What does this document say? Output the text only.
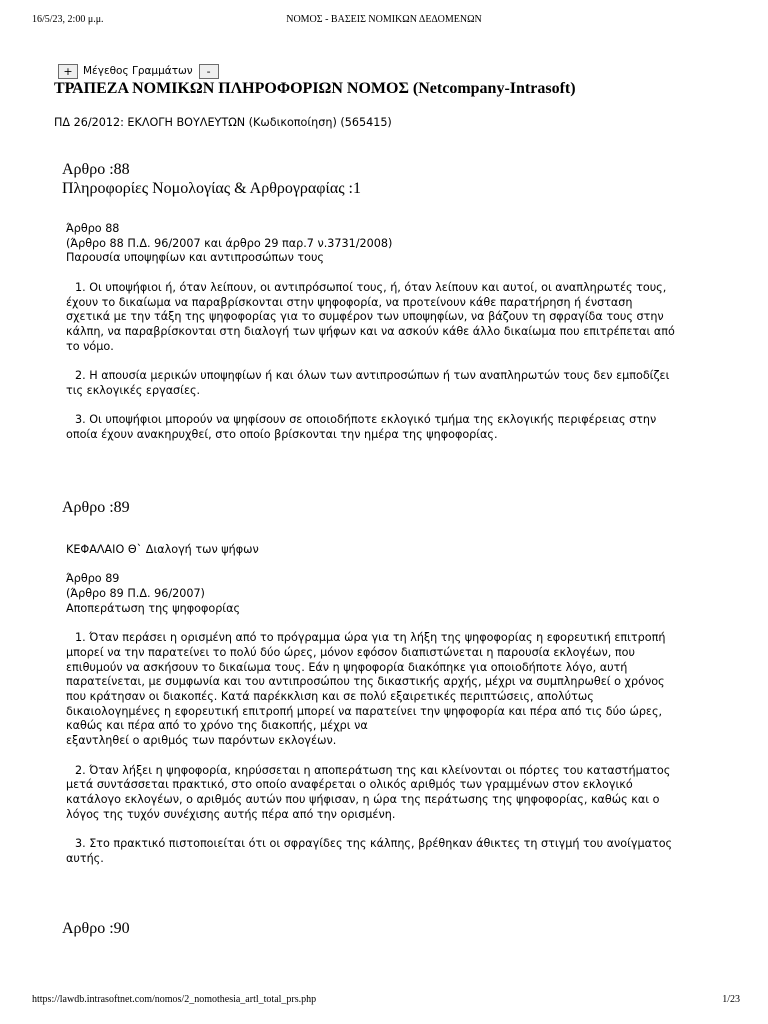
16/5/23, 2:00 μ.μ.	ΝΟΜΟΣ - ΒΑΣΕΙΣ ΝΟΜΙΚΩΝ ΔΕΔΟΜΕΝΩΝ
+ Μέγεθος Γραμμάτων	-
ΤΡΑΠΕΖΑ ΝΟΜΙΚΩΝ ΠΛΗΡΟΦΟΡΙΩΝ ΝΟΜΟΣ (Netcompany-Intrasoft)
ΠΔ 26/2012: ΕΚΛΟΓΗ ΒΟΥΛΕΥΤΩΝ (Κωδικοποίηση) (565415)
Αρθρο :88
Πληροφορίες Νομολογίας & Αρθρογραφίας :1
Άρθρο 88
(Άρθρο 88 Π.Δ. 96/2007 και άρθρο 29 παρ.7 ν.3731/2008)
Παρουσία υποψηφίων και αντιπροσώπων τους
1. Οι υποψήφιοι ή, όταν λείπουν, οι αντιπρόσωποί τους, ή, όταν λείπουν και αυτοί, οι αναπληρωτές τους,
έχουν το δικαίωμα να παραβρίσκονται στην ψηφοφορία, να προτείνουν κάθε παρατήρηση ή ένσταση
σχετικά με την τάξη της ψηφοφορίας για το συμφέρον των υποψηφίων, να βάζουν τη σφραγίδα τους στην
κάλπη, να παραβρίσκονται στη διαλογή των ψήφων και να ασκούν κάθε άλλο δικαίωμα που επιτρέπεται από
το νόμο.
2. Η απουσία μερικών υποψηφίων ή και όλων των αντιπροσώπων ή των αναπληρωτών τους δεν εμποδίζει
τις εκλογικές εργασίες.
3. Οι υποψήφιοι μπορούν να ψηφίσουν σε οποιοδήποτε εκλογικό τμήμα της εκλογικής περιφέρειας στην
οποία έχουν ανακηρυχθεί, στο οποίο βρίσκονται την ημέρα της ψηφοφορίας.
Αρθρο :89
ΚΕΦΑΛΑΙΟ Θ` Διαλογή των ψήφων
Άρθρο 89
(Άρθρο 89 Π.Δ. 96/2007)
Αποπεράτωση της ψηφοφορίας
1. Όταν περάσει η ορισμένη από το πρόγραμμα ώρα για τη λήξη της ψηφοφορίας η εφορευτική επιτροπή
μπορεί να την παρατείνει το πολύ δύο ώρες, μόνον εφόσον διαπιστώνεται η παρουσία εκλογέων, που
επιθυμούν να ασκήσουν το δικαίωμα τους. Εάν η ψηφοφορία διακόπηκε για οποιοδήποτε λόγο, αυτή
παρατείνεται, με συμφωνία και του αντιπροσώπου της δικαστικής αρχής, μέχρι να συμπληρωθεί ο χρόνος
που κράτησαν οι διακοπές. Κατά παρέκκλιση και σε πολύ εξαιρετικές περιπτώσεις, απολύτως
δικαιολογημένες η εφορευτική επιτροπή μπορεί να παρατείνει την ψηφοφορία και πέρα από τις δύο ώρες,
καθώς και πέρα από το χρόνο της διακοπής, μέχρι να
εξαντληθεί ο αριθμός των παρόντων εκλογέων.
2. Όταν λήξει η ψηφοφορία, κηρύσσεται η αποπεράτωση της και κλείνονται οι πόρτες του καταστήματος
μετά συντάσσεται πρακτικό, στο οποίο αναφέρεται ο ολικός αριθμός των γραμμένων στον εκλογικό
κατάλογο εκλογέων, ο αριθμός αυτών που ψήφισαν, η ώρα της περάτωσης της ψηφοφορίας, καθώς και ο
λόγος της τυχόν συνέχισης αυτής πέρα από την ορισμένη.
3. Στο πρακτικό πιστοποιείται ότι οι σφραγίδες της κάλπης, βρέθηκαν άθικτες τη στιγμή του ανοίγματος
αυτής.
Αρθρο :90
https://lawdb.intrasoftnet.com/nomos/2_nomothesia_artl_total_prs.php	1/23
